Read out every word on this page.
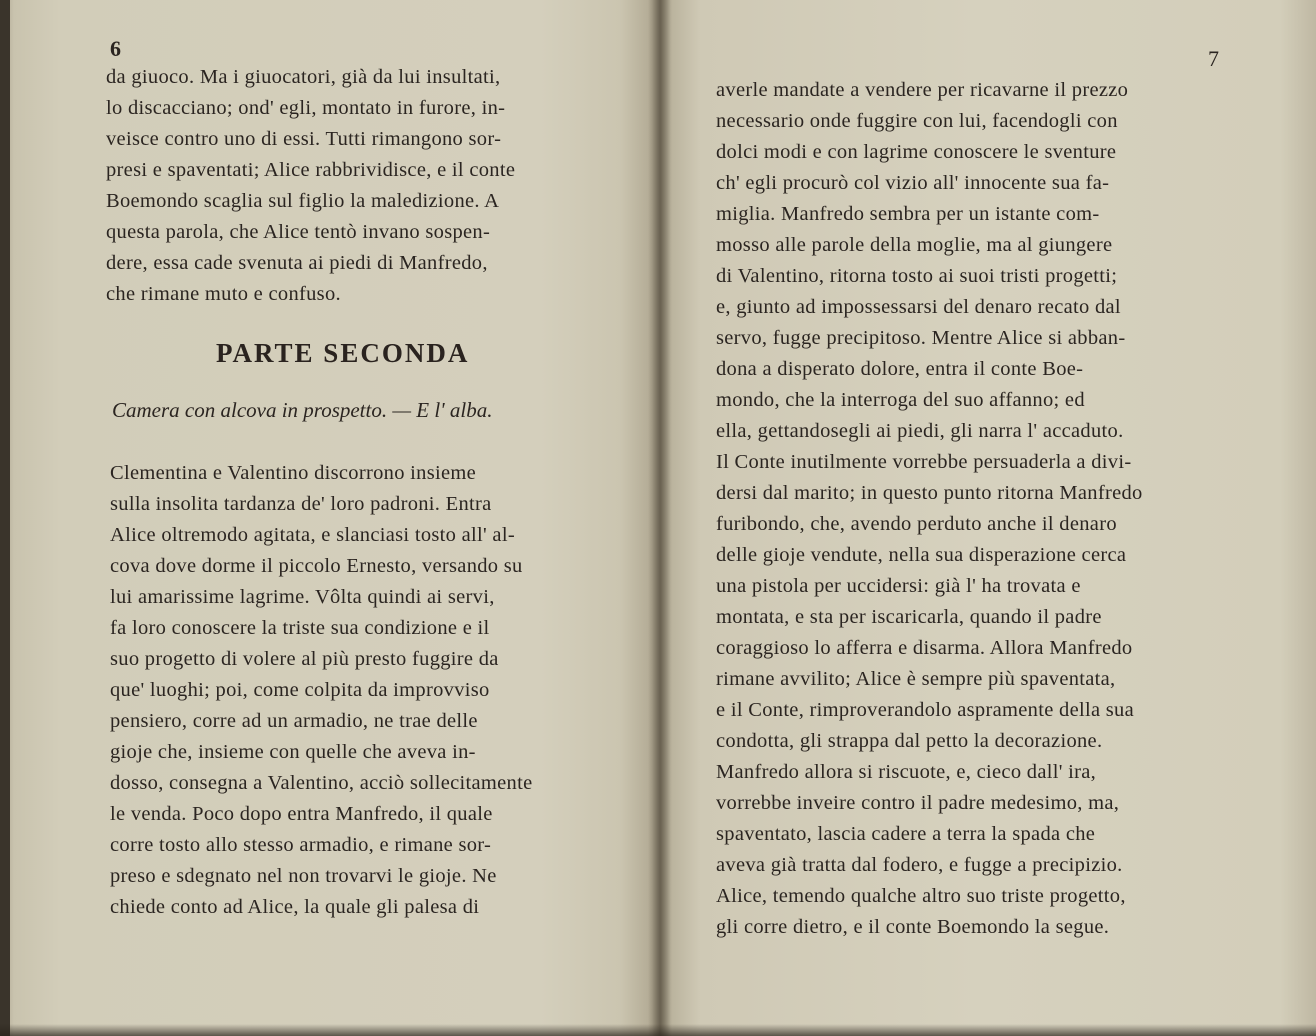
6
da giuoco. Ma i giuocatori, già da lui insultati,
lo discacciano; ond' egli, montato in furore, in-
veisce contro uno di essi. Tutti rimangono sor-
presi e spaventati; Alice rabbrividisce, e il conte
Boemondo scaglia sul figlio la maledizione. A
questa parola, che Alice tentò invano sospen-
dere, essa cade svenuta ai piedi di Manfredo,
che rimane muto e confuso.
PARTE SECONDA
Camera con alcova in prospetto. — E l' alba.
Clementina e Valentino discorrono insieme
sulla insolita tardanza de' loro padroni. Entra
Alice oltremodo agitata, e slanciasi tosto all' al-
cova dove dorme il piccolo Ernesto, versando su
lui amarissime lagrime. Vôlta quindi ai servi,
fa loro conoscere la triste sua condizione e il
suo progetto di volere al più presto fuggire da
que' luoghi; poi, come colpita da improvviso
pensiero, corre ad un armadio, ne trae delle
gioje che, insieme con quelle che aveva in-
dosso, consegna a Valentino, acciò sollecitamente
le venda. Poco dopo entra Manfredo, il quale
corre tosto allo stesso armadio, e rimane sor-
preso e sdegnato nel non trovarvi le gioje. Ne
chiede conto ad Alice, la quale gli palesa di
7
averle mandate a vendere per ricavarne il prezzo
necessario onde fuggire con lui, facendogli con
dolci modi e con lagrime conoscere le sventure
ch' egli procurò col vizio all' innocente sua fa-
miglia. Manfredo sembra per un istante com-
mosso alle parole della moglie, ma al giungere
di Valentino, ritorna tosto ai suoi tristi progetti;
e, giunto ad impossessarsi del denaro recato dal
servo, fugge precipitoso. Mentre Alice si abban-
dona a disperato dolore, entra il conte Boe-
mondo, che la interroga del suo affanno; ed
ella, gettandosegli ai piedi, gli narra l' accaduto.
Il Conte inutilmente vorrebbe persuaderla a divi-
dersi dal marito; in questo punto ritorna Manfredo
furibondo, che, avendo perduto anche il denaro
delle gioje vendute, nella sua disperazione cerca
una pistola per uccidersi: già l' ha trovata e
montata, e sta per iscaricarla, quando il padre
coraggioso lo afferra e disarma. Allora Manfredo
rimane avvilito; Alice è sempre più spaventata,
e il Conte, rimproverandolo aspramente della sua
condotta, gli strappa dal petto la decorazione.
Manfredo allora si riscuote, e, cieco dall' ira,
vorrebbe inveire contro il padre medesimo, ma,
spaventato, lascia cadere a terra la spada che
aveva già tratta dal fodero, e fugge a precipizio.
Alice, temendo qualche altro suo triste progetto,
gli corre dietro, e il conte Boemondo la segue.
